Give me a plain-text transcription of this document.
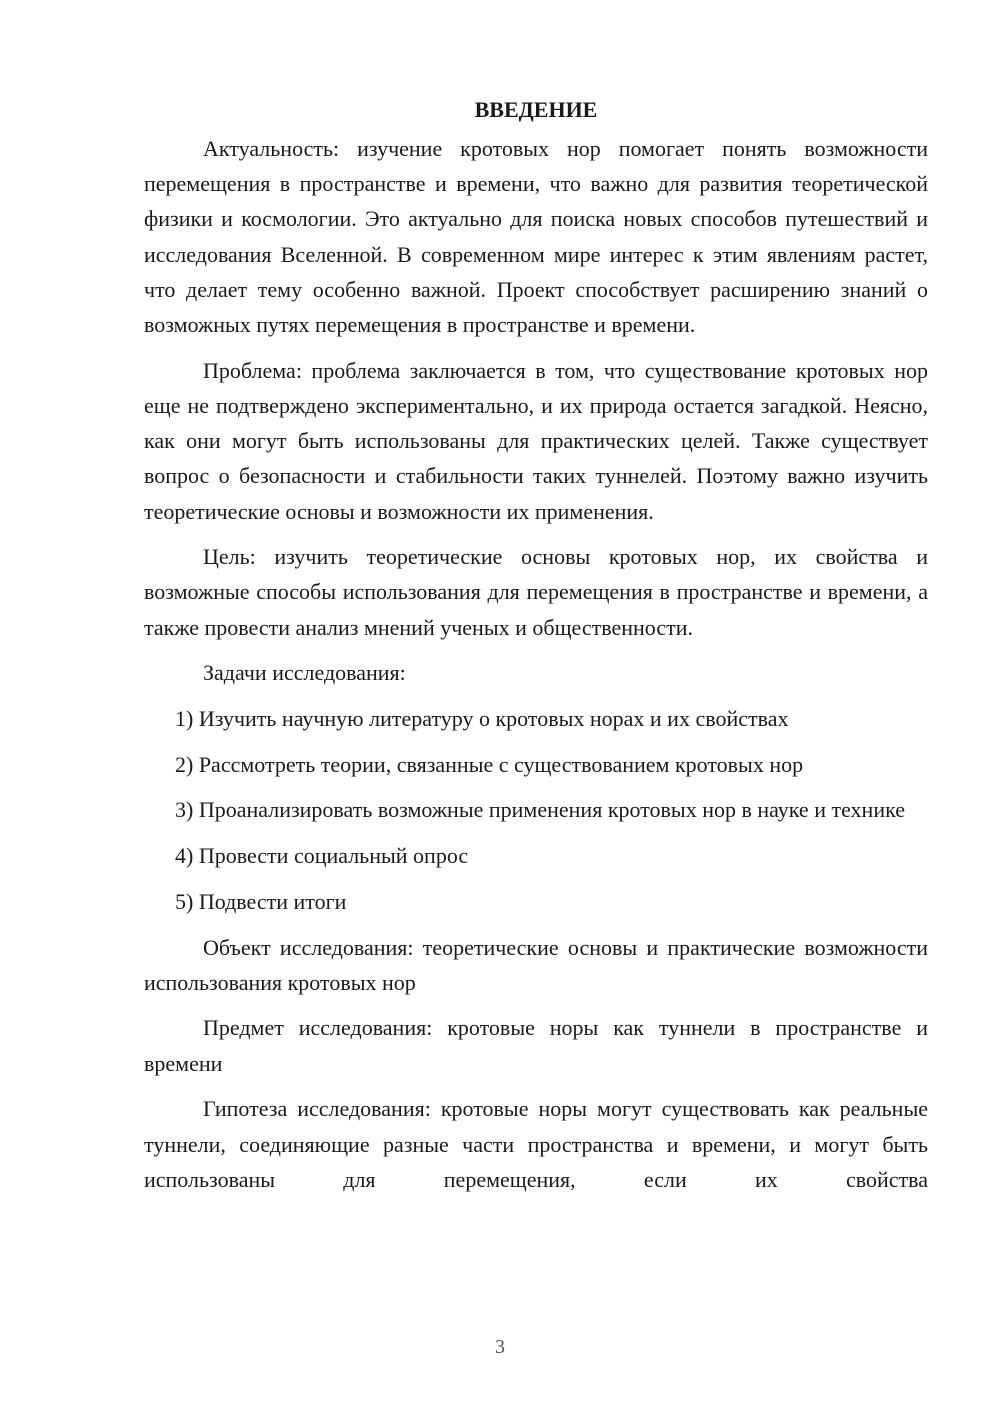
ВВЕДЕНИЕ

Актуальность: изучение кротовых нор помогает понять возможности перемещения в пространстве и времени, что важно для развития теоретической физики и космологии. Это актуально для поиска новых способов путешествий и исследования Вселенной. В современном мире интерес к этим явлениям растет, что делает тему особенно важной. Проект способствует расширению знаний о возможных путях перемещения в пространстве и времени.

Проблема: проблема заключается в том, что существование кротовых нор еще не подтверждено экспериментально, и их природа остается загадкой. Неясно, как они могут быть использованы для практических целей. Также существует вопрос о безопасности и стабильности таких туннелей. Поэтому важно изучить теоретические основы и возможности их применения.

Цель: изучить теоретические основы кротовых нор, их свойства и возможные способы использования для перемещения в пространстве и времени, а также провести анализ мнений ученых и общественности.

Задачи исследования:

1) Изучить научную литературу о кротовых норах и их свойствах

2) Рассмотреть теории, связанные с существованием кротовых нор

3) Проанализировать возможные применения кротовых нор в науке и технике

4) Провести социальный опрос

5) Подвести итоги

Объект исследования: теоретические основы и практические возможности использования кротовых нор

Предмет исследования: кротовые норы как туннели в пространстве и времени

Гипотеза исследования: кротовые норы могут существовать как реальные туннели, соединяющие разные части пространства и времени, и могут быть использованы для перемещения, если их свойства

3
